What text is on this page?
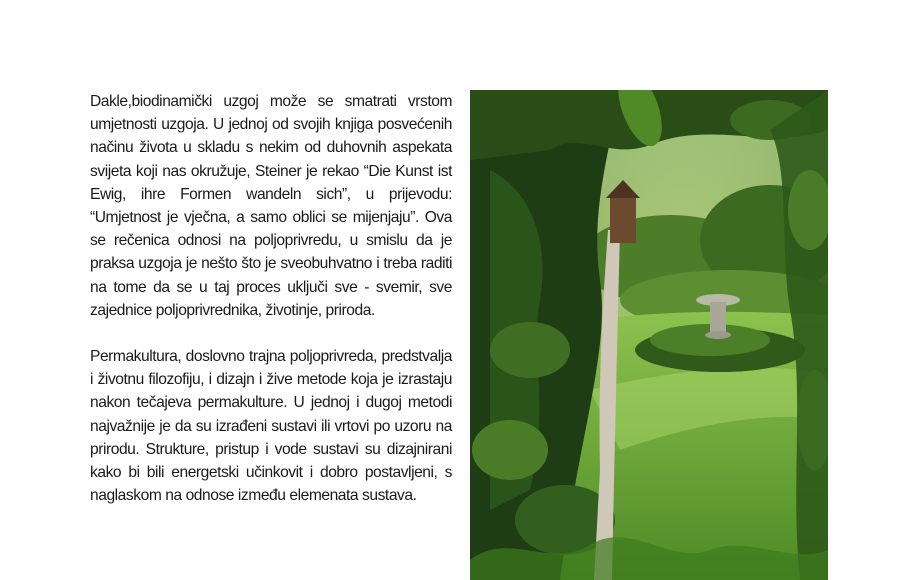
Dakle,biodinamički uzgoj može se smatrati vrstom umjetnosti uzgoja. U jednoj od svojih knjiga posvećenih načinu života u skladu s nekim od duhovnih aspekata svijeta koji nas okružuje, Steiner je rekao “Die Kunst ist Ewig, ihre Formen wandeln sich”, u prijevodu: “Umjetnost je vječna, a samo oblici se mijenjaju”. Ova se rečenica odnosi na poljoprivredu, u smislu da je praksa uzgoja je nešto što je sveobuhvatno i treba raditi na tome da se u taj proces uključi sve - svemir, sve zajednice poljoprivrednika, životinje, priroda.

Permakultura, doslovno trajna poljoprivreda, predstvalja i životnu filozofiju, i dizajn i žive metode koja je izrastaju nakon tečajeva permakulture. U jednoj i dugoj metodi najvažnije je da su izrađeni sustavi ili vrtovi po uzoru na prirodu. Strukture, pristup i vode sustavi su dizajnirani kako bi bili energetski učinkovit i dobro postavljeni, s naglaskom na odnose između elemenata sustava.
